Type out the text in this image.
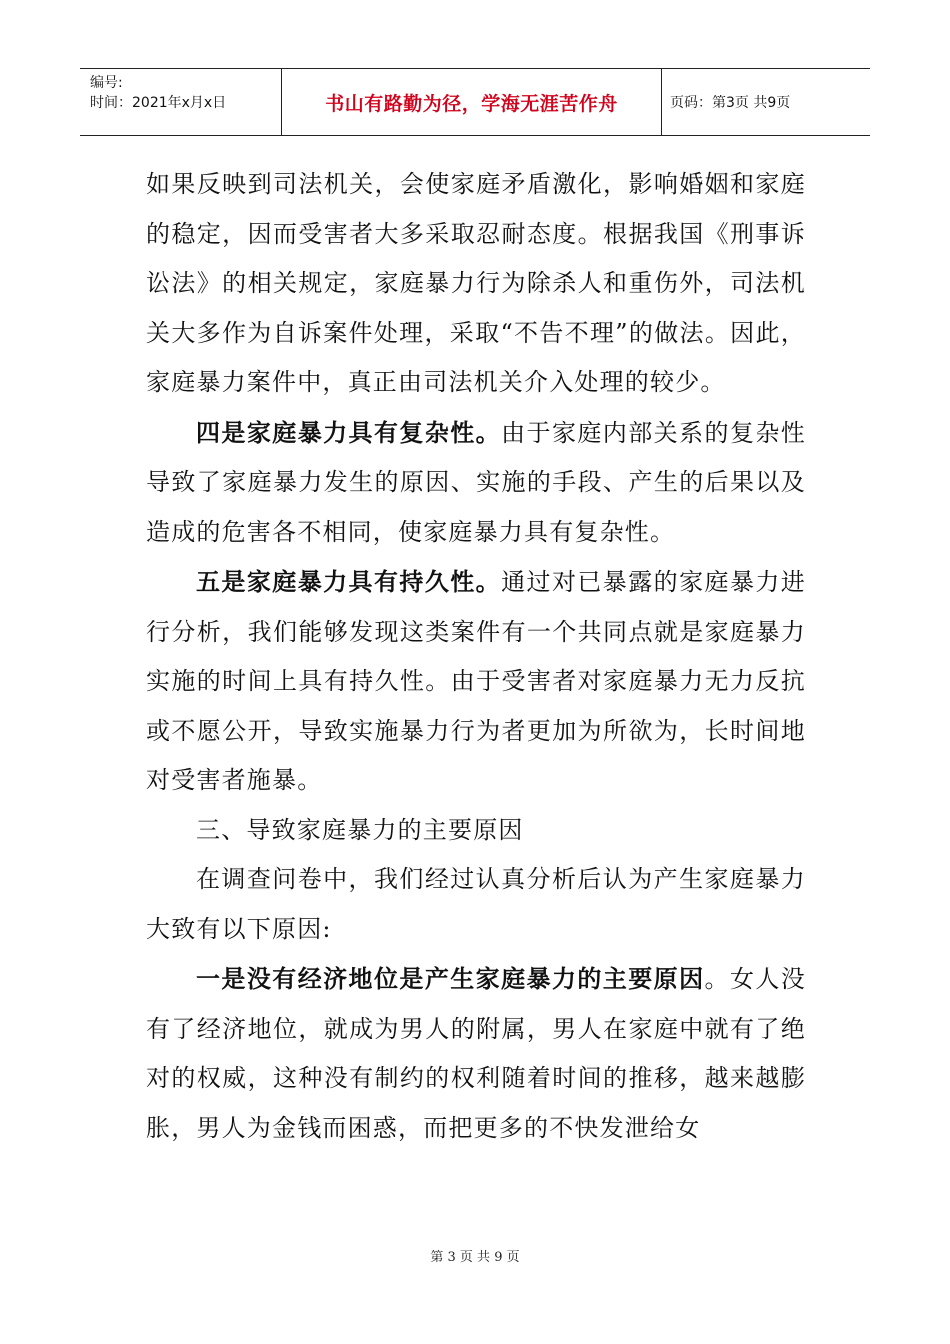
编号:
时间：2021年x月x日	书山有路勤为径，学海无涯苦作舟	页码：第3页 共9页

如果反映到司法机关，会使家庭矛盾激化，影响婚姻和家庭的稳定，因而受害者大多采取忍耐态度。根据我国《刑事诉讼法》的相关规定，家庭暴力行为除杀人和重伤外，司法机关大多作为自诉案件处理，采取“不告不理”的做法。因此，家庭暴力案件中，真正由司法机关介入处理的较少。

四是家庭暴力具有复杂性。由于家庭内部关系的复杂性导致了家庭暴力发生的原因、实施的手段、产生的后果以及造成的危害各不相同，使家庭暴力具有复杂性。

五是家庭暴力具有持久性。通过对已暴露的家庭暴力进行分析，我们能够发现这类案件有一个共同点就是家庭暴力实施的时间上具有持久性。由于受害者对家庭暴力无力反抗或不愿公开，导致实施暴力行为者更加为所欲为，长时间地对受害者施暴。

三、导致家庭暴力的主要原因

在调查问卷中，我们经过认真分析后认为产生家庭暴力大致有以下原因:

一是没有经济地位是产生家庭暴力的主要原因。女人没有了经济地位，就成为男人的附属，男人在家庭中就有了绝对的权威，这种没有制约的权利随着时间的推移，越来越膨胀，男人为金钱而困惑，而把更多的不快发泄给女

第 3 页 共 9 页
